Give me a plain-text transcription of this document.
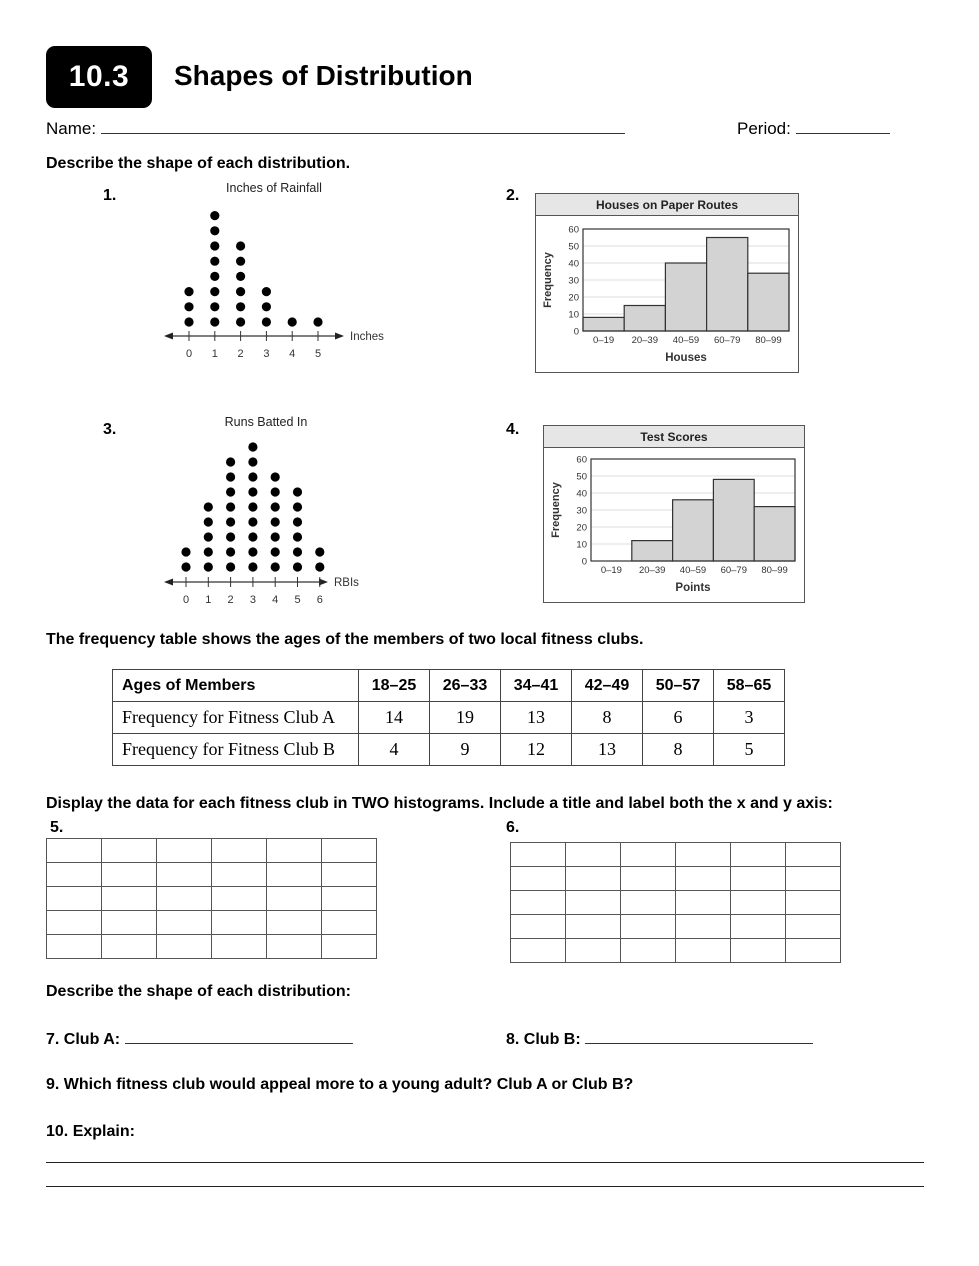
10.3	Shapes of Distribution
Name:	Period:
Describe the shape of each distribution.
1.	2.
3.	4.
Inches of Rainfall
Inches
0 1 2 3 4 5
Houses on Paper Routes
0
10
20
30
40
50
60
0–19 20–39 40–59 60–79 80–99
Houses
Frequency
Runs Batted In
RBIs
0 1 2 3 4 5 6
Test Scores
0
10
20
30
40
50
60
0–19 20–39 40–59 60–79 80–99
Points
Frequency
The frequency table shows the ages of the members of two local fitness clubs.
Ages of Members	18–25	26–33	34–41	42–49	50–57	58–65
Frequency for Fitness Club A	14	19	13	8	6	3
Frequency for Fitness Club B	4	9	12	13	8	5
Display the data for each fitness club in TWO histograms. Include a title and label both the x and y axis:
5.	6.

Describe the shape of each distribution:
7. Club A:	8. Club B:
9. Which fitness club would appeal more to a young adult? Club A or Club B?
10. Explain:
